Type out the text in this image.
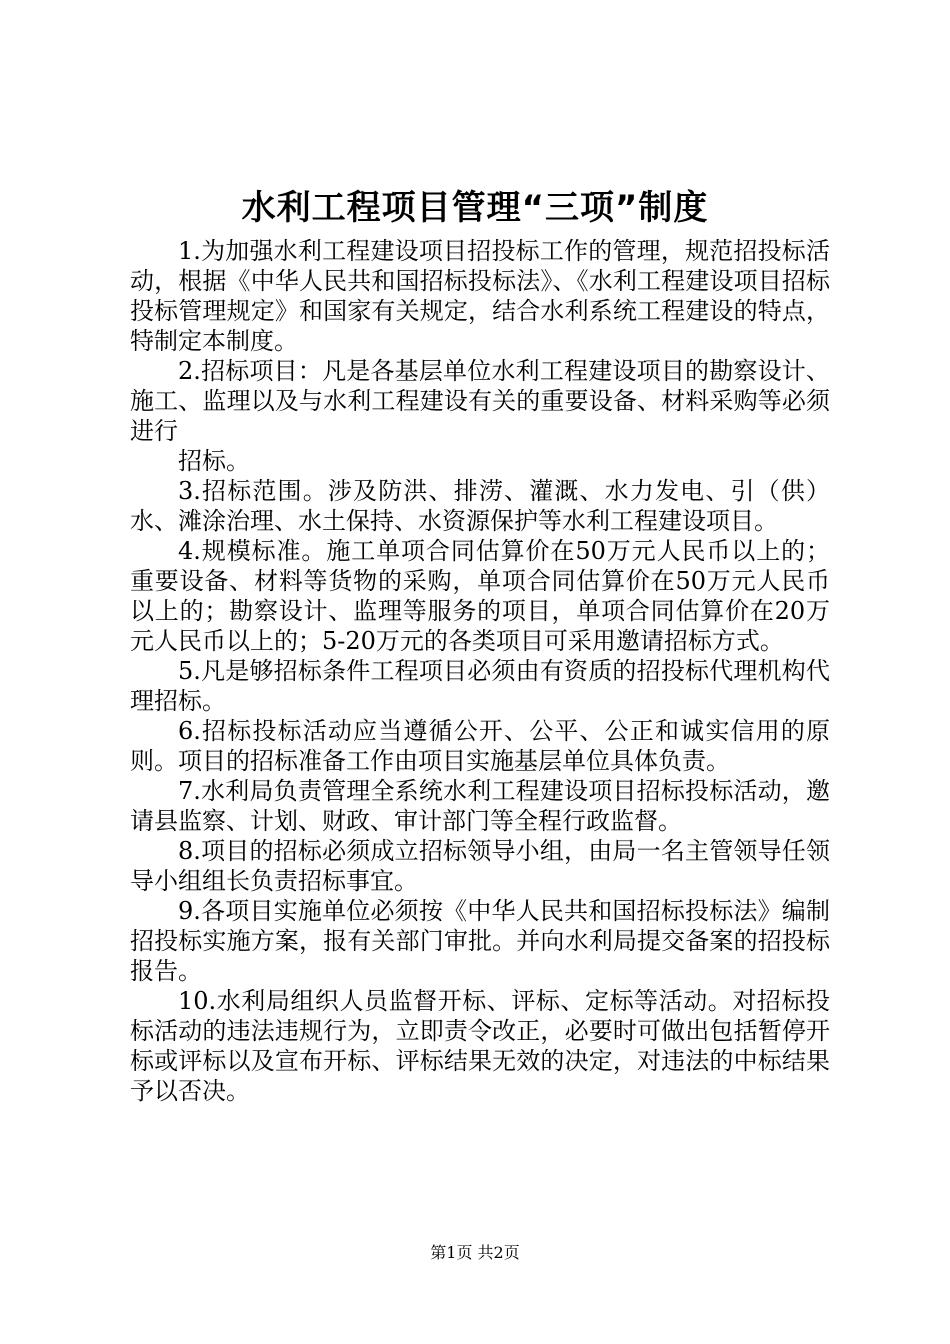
水利工程项目管理“三项”制度

1.为加强水利工程建设项目招投标工作的管理，规范招投标活动，根据《中华人民共和国招标投标法》、《水利工程建设项目招标投标管理规定》和国家有关规定，结合水利系统工程建设的特点，特制定本制度。

2.招标项目：凡是各基层单位水利工程建设项目的勘察设计、施工、监理以及与水利工程建设有关的重要设备、材料采购等必须进行

招标。

3.招标范围。涉及防洪、排涝、灌溉、水力发电、引（供）水、滩涂治理、水土保持、水资源保护等水利工程建设项目。

4.规模标准。施工单项合同估算价在50万元人民币以上的；重要设备、材料等货物的采购，单项合同估算价在50万元人民币以上的；勘察设计、监理等服务的项目，单项合同估算价在20万元人民币以上的；5-20万元的各类项目可采用邀请招标方式。

5.凡是够招标条件工程项目必须由有资质的招投标代理机构代理招标。

6.招标投标活动应当遵循公开、公平、公正和诚实信用的原则。项目的招标准备工作由项目实施基层单位具体负责。

7.水利局负责管理全系统水利工程建设项目招标投标活动，邀请县监察、计划、财政、审计部门等全程行政监督。

8.项目的招标必须成立招标领导小组，由局一名主管领导任领导小组组长负责招标事宜。

9.各项目实施单位必须按《中华人民共和国招标投标法》编制招投标实施方案，报有关部门审批。并向水利局提交备案的招投标报告。

10.水利局组织人员监督开标、评标、定标等活动。对招标投标活动的违法违规行为，立即责令改正，必要时可做出包括暂停开标或评标以及宣布开标、评标结果无效的决定，对违法的中标结果予以否决。

第1页 共2页
